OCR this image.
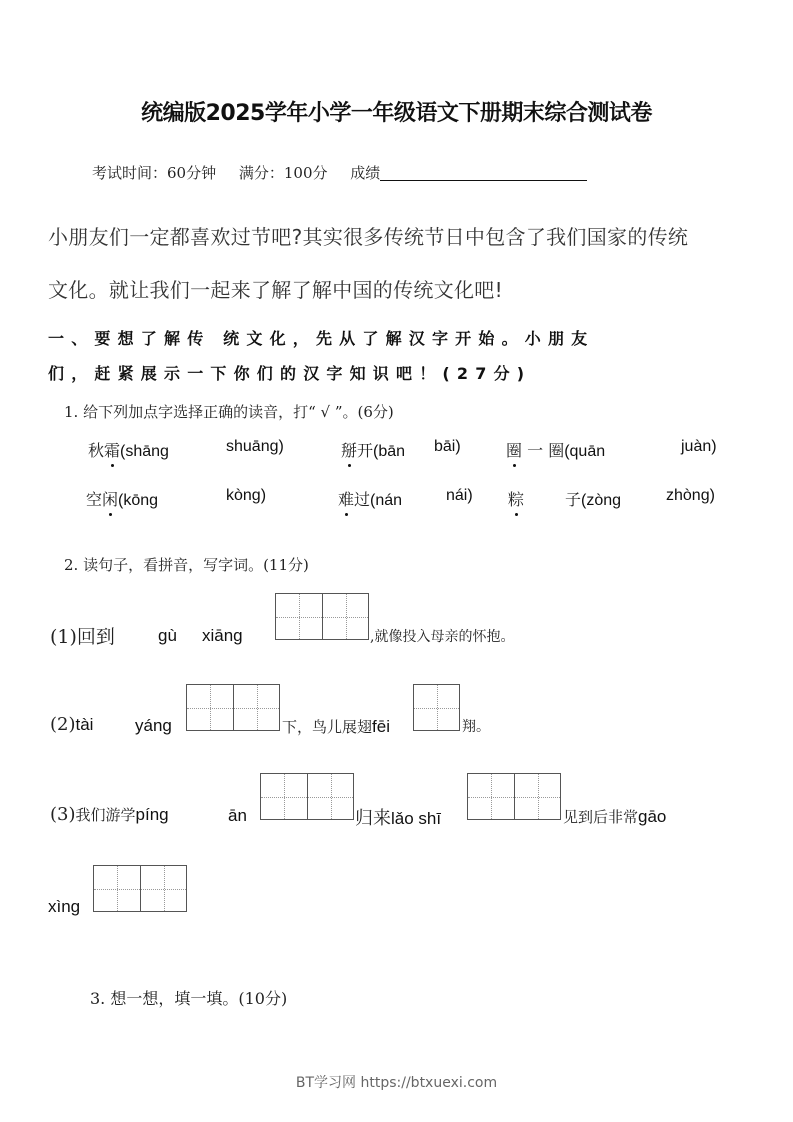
统编版2025学年小学一年级语文下册期末综合测试卷
考试时间：60分钟 满分：100分 成绩
小朋友们一定都喜欢过节吧?其实很多传统节日中包含了我们国家的传统
文化。就让我们一起来了解了解中国的传统文化吧!
一、要想了解传 统文化，先从了解汉字开始。小朋友
们，赶紧展示一下你们的汉字知识吧！(27分)
1. 给下列加点字选择正确的读音，打“ √ ”。(6分)
秋霜(shāng	shuāng)	掰开(bān bāi)	圈 一 圈(quān	juàn)
空闲(kōng	kòng)	难过(nán	nái) 粽	子(zòng	zhòng)
2. 读句子，看拼音，写字词。(11分)
(1)回到	gù xiāng	,就像投入母亲的怀抱。
(2)tài yáng	下，鸟儿展翅fēi	翔。
(3)我们游学píng	ān	归来lǎo shī	见到后非常gāo
xìng
3. 想一想，填一填。(10分)
BT学习网 https://btxuexi.com
